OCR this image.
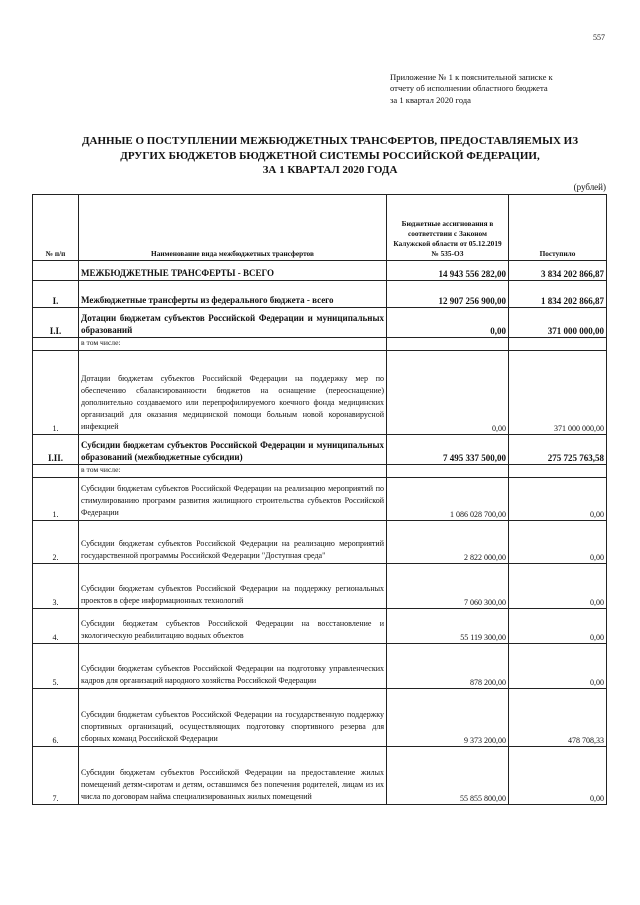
557
Приложение № 1 к пояснительной записке к
отчету об исполнении областного бюджета
за 1 квартал 2020 года
ДАННЫЕ О ПОСТУПЛЕНИИ МЕЖБЮДЖЕТНЫХ ТРАНСФЕРТОВ, ПРЕДОСТАВЛЯЕМЫХ ИЗ
ДРУГИХ БЮДЖЕТОВ БЮДЖЕТНОЙ СИСТЕМЫ РОССИЙСКОЙ ФЕДЕРАЦИИ,
ЗА 1 КВАРТАЛ 2020 ГОДА
(рублей)
№ п/п	Наименование вида межбюджетных трансфертов	Бюджетные ассигнования в соответствии с Законом Калужской области от 05.12.2019 № 535-ОЗ	Поступило
	МЕЖБЮДЖЕТНЫЕ ТРАНСФЕРТЫ - ВСЕГО	14 943 556 282,00	3 834 202 866,87
I.	Межбюджетные трансферты из федерального бюджета - всего	12 907 256 900,00	1 834 202 866,87
I.I.	Дотации бюджетам субъектов Российской Федерации и муниципальных образований	0,00	371 000 000,00
	в том числе:		
1.	Дотации бюджетам субъектов Российской Федерации на поддержку мер по обеспечению сбалансированности бюджетов на оснащение (переоснащение) дополнительно создаваемого или перепрофилируемого коечного фонда медицинских организаций для оказания медицинской помощи больным новой коронавирусной инфекцией	0,00	371 000 000,00
I.II.	Субсидии бюджетам субъектов Российской Федерации и муниципальных образований (межбюджетные субсидии)	7 495 337 500,00	275 725 763,58
	в том числе:		
1.	Субсидии бюджетам субъектов Российской Федерации на реализацию мероприятий по стимулированию программ развития жилищного строительства субъектов Российской Федерации	1 086 028 700,00	0,00
2.	Субсидии бюджетам субъектов Российской Федерации на реализацию мероприятий государственной программы Российской Федерации "Доступная среда"	2 822 000,00	0,00
3.	Субсидии бюджетам субъектов Российской Федерации на поддержку региональных проектов в сфере информационных технологий	7 060 300,00	0,00
4.	Субсидии бюджетам субъектов Российской Федерации на восстановление и экологическую реабилитацию водных объектов	55 119 300,00	0,00
5.	Субсидии бюджетам субъектов Российской Федерации на подготовку управленческих кадров для организаций народного хозяйства Российской Федерации	878 200,00	0,00
6.	Субсидии бюджетам субъектов Российской Федерации на государственную поддержку спортивных организаций, осуществляющих подготовку спортивного резерва для сборных команд Российской Федерации	9 373 200,00	478 708,33
7.	Субсидии бюджетам субъектов Российской Федерации на предоставление жилых помещений детям-сиротам и детям, оставшимся без попечения родителей, лицам из их числа по договорам найма специализированных жилых помещений	55 855 800,00	0,00
